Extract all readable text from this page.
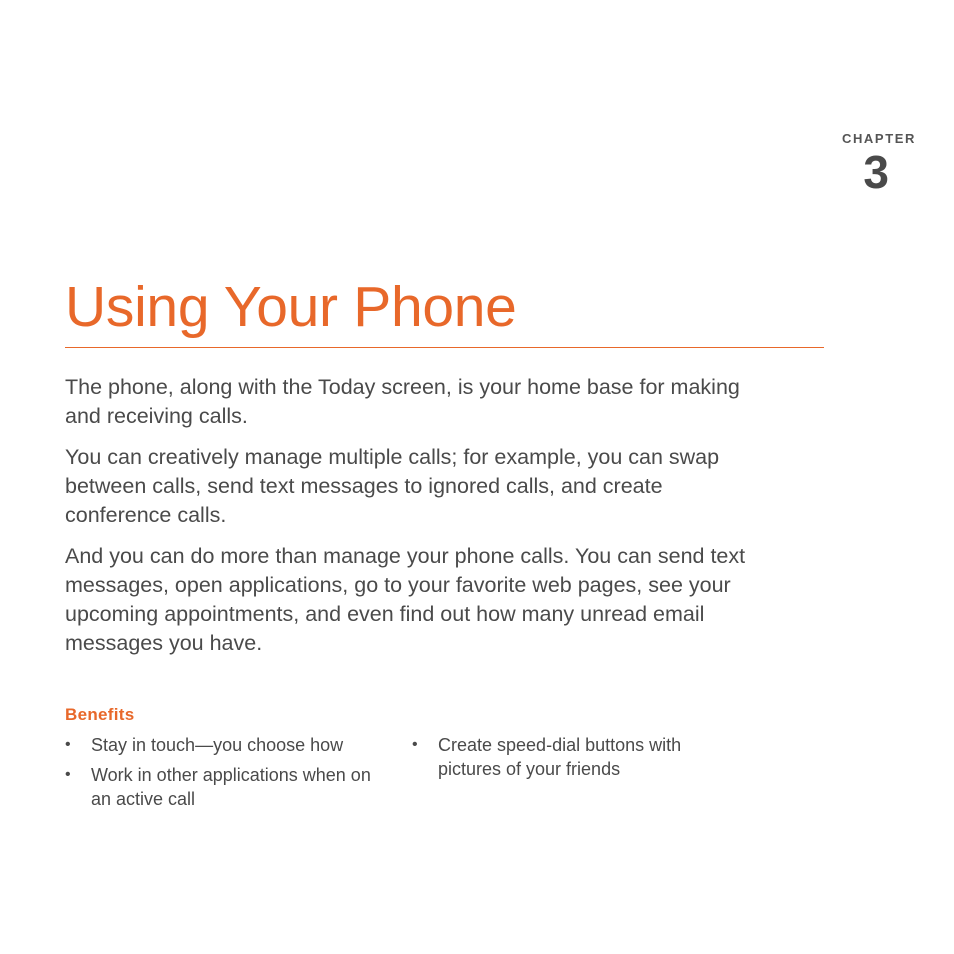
CHAPTER
3
Using Your Phone

The phone, along with the Today screen, is your home base for making and receiving calls.

You can creatively manage multiple calls; for example, you can swap between calls, send text messages to ignored calls, and create conference calls.

And you can do more than manage your phone calls. You can send text messages, open applications, go to your favorite web pages, see your upcoming appointments, and even find out how many unread email messages you have.

Benefits
• Stay in touch—you choose how
• Work in other applications when on an active call
• Create speed-dial buttons with pictures of your friends
